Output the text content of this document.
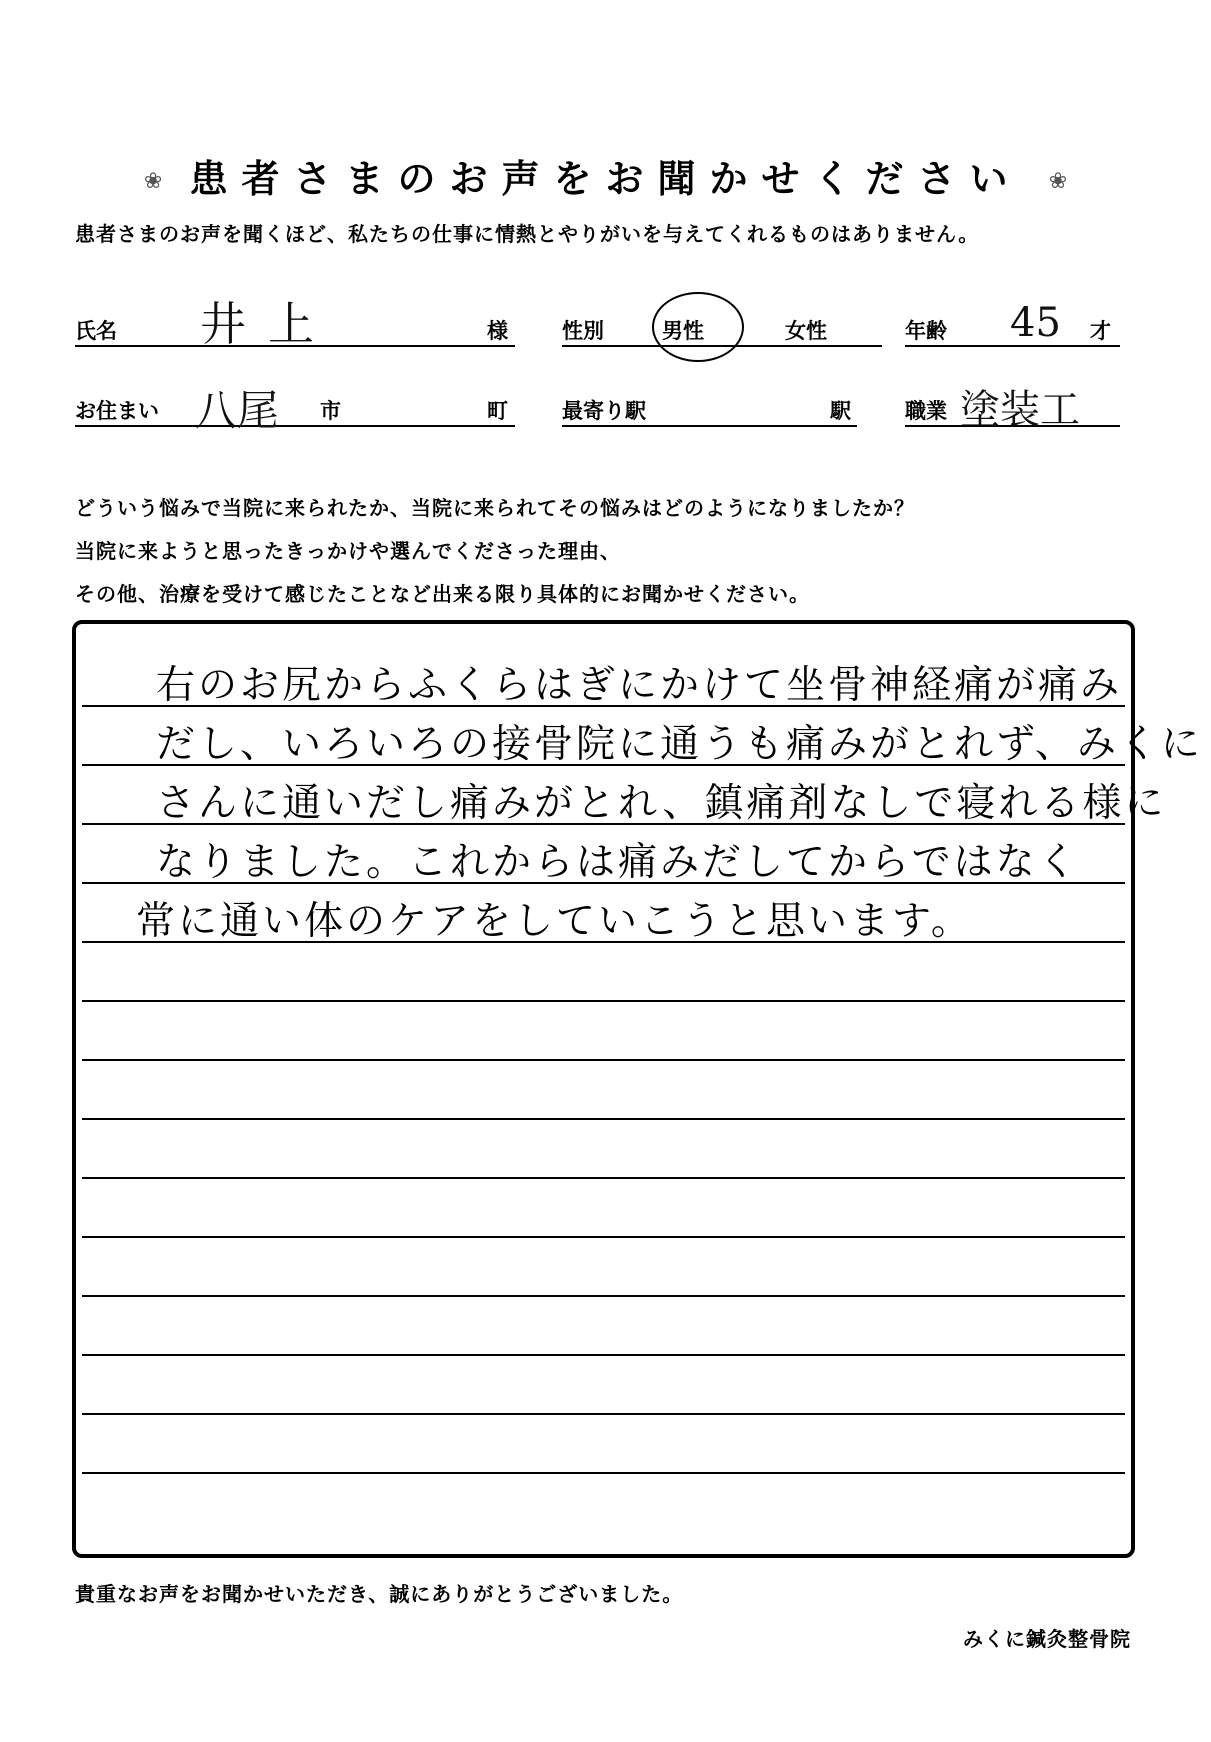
❀ 患者さまのお声をお聞かせください ❀
患者さまのお声を聞くほど、私たちの仕事に情熱とやりがいを与えてくれるものはありません。
氏名 井上	様	性別	男性	女性	年齢 45 才
お住まい 八尾 市	町	最寄り駅	駅	職業 塗装工
どういう悩みで当院に来られたか、当院に来られてその悩みはどのようになりましたか？
当院に来ようと思ったきっかけや選んでくださった理由、
その他、治療を受けて感じたことなど出来る限り具体的にお聞かせください。
右のお尻からふくらはぎにかけて坐骨神経痛が痛み
だし、いろいろの接骨院に通うも痛みがとれず、みくに
さんに通いだし痛みがとれ、鎮痛剤なしで寝れる様に
なりました。これからは痛みだしてからではなく
常に通い体のケアをしていこうと思います。
貴重なお声をお聞かせいただき、誠にありがとうございました。
みくに鍼灸整骨院
